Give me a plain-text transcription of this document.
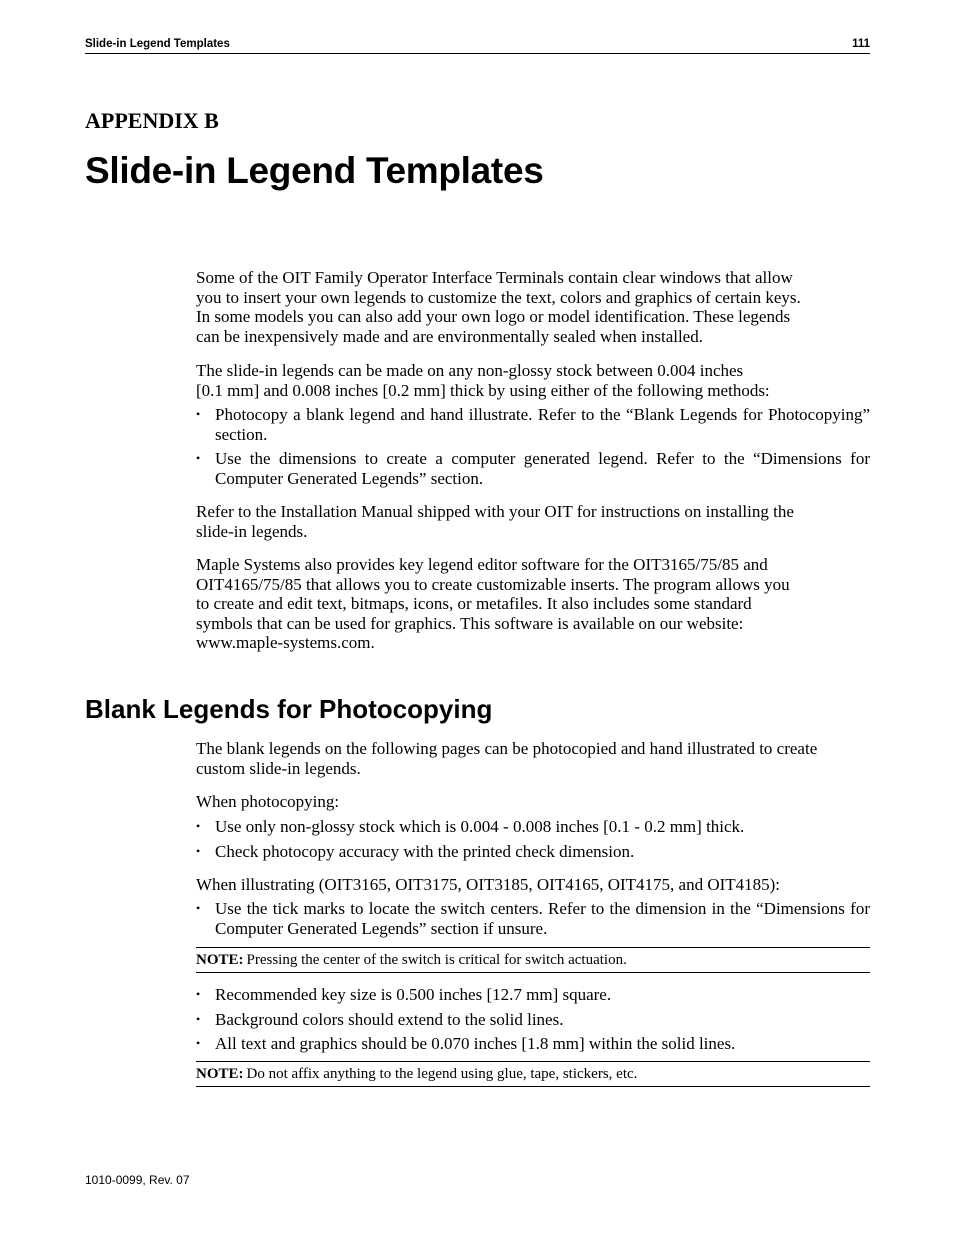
Slide-in Legend Templates	111
APPENDIX B
Slide-in Legend Templates

Some of the OIT Family Operator Interface Terminals contain clear windows that allow

you to insert your own legends to customize the text, colors and graphics of certain keys.

In some models you can also add your own logo or model identification. These legends

can be inexpensively made and are environmentally sealed when installed.

The slide-in legends can be made on any non-glossy stock between 0.004 inches

[0.1 mm] and 0.008 inches [0.2 mm] thick by using either of the following methods:

• Photocopy a blank legend and hand illustrate. Refer to the “Blank Legends for Photocopying” section.
• Use the dimensions to create a computer generated legend. Refer to the “Dimensions for Computer Generated Legends” section.

Refer to the Installation Manual shipped with your OIT for instructions on installing the

slide-in legends.

Maple Systems also provides key legend editor software for the OIT3165/75/85 and

OIT4165/75/85 that allows you to create customizable inserts. The program allows you

to create and edit text, bitmaps, icons, or metafiles. It also includes some standard

symbols that can be used for graphics. This software is available on our website:

www.maple-systems.com.

Blank Legends for Photocopying

The blank legends on the following pages can be photocopied and hand illustrated to create

custom slide-in legends.

When photocopying:

• Use only non-glossy stock which is 0.004 - 0.008 inches [0.1 - 0.2 mm] thick.
• Check photocopy accuracy with the printed check dimension.

When illustrating (OIT3165, OIT3175, OIT3185, OIT4165, OIT4175, and OIT4185):

• Use the tick marks to locate the switch centers. Refer to the dimension in the “Dimensions for Computer Generated Legends” section if unsure.
NOTE: Pressing the center of the switch is critical for switch actuation.
• Recommended key size is 0.500 inches [12.7 mm] square.
• Background colors should extend to the solid lines.
• All text and graphics should be 0.070 inches [1.8 mm] within the solid lines.
NOTE: Do not affix anything to the legend using glue, tape, stickers, etc.
1010-0099, Rev. 07
